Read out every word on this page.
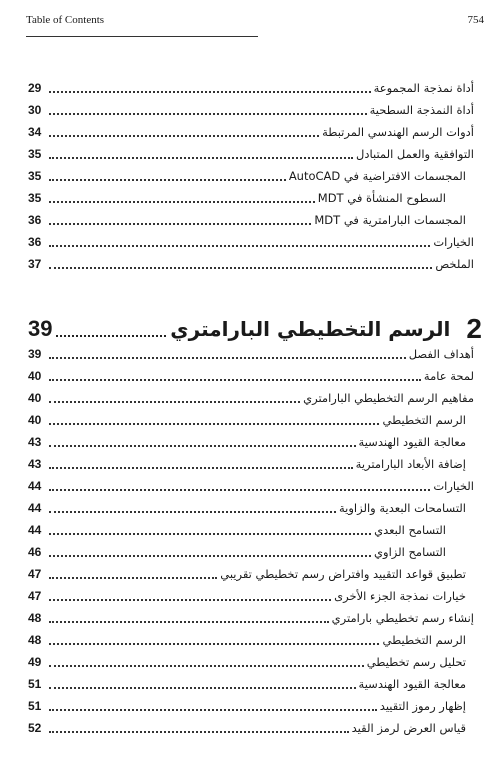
Table of Contents	754
أداة نمذجة المجموعة
29
أداة النمذجة السطحية
30
أدوات الرسم الهندسي المرتبطة
34
التوافقية والعمل المتبادل
35
المجسمات الافتراضية في AutoCAD
35
السطوح المنشأة في MDT
35
المجسمات البارامترية في MDT
36
الخيارات
36
الملخص
37
2
الرسم التخطيطي البارامتري
39
أهداف الفصل
39
لمحة عامة
40
مفاهيم الرسم التخطيطي البارامتري
40
الرسم التخطيطي
40
معالجة القيود الهندسية
43
إضافة الأبعاد البارامترية
43
الخيارات
44
التسامحات البعدية والزاوية
44
التسامح البعدي
44
التسامح الزاوي
46
تطبيق قواعد التقييد وافتراض رسم تخطيطي تقريبي
47
خيارات نمذجة الجزء الأخرى
47
إنشاء رسم تخطيطي بارامتري
48
الرسم التخطيطي
48
تحليل رسم تخطيطي
49
معالجة القيود الهندسية
51
إظهار رموز التقييد
51
قياس العرض لرمز القيد
52
